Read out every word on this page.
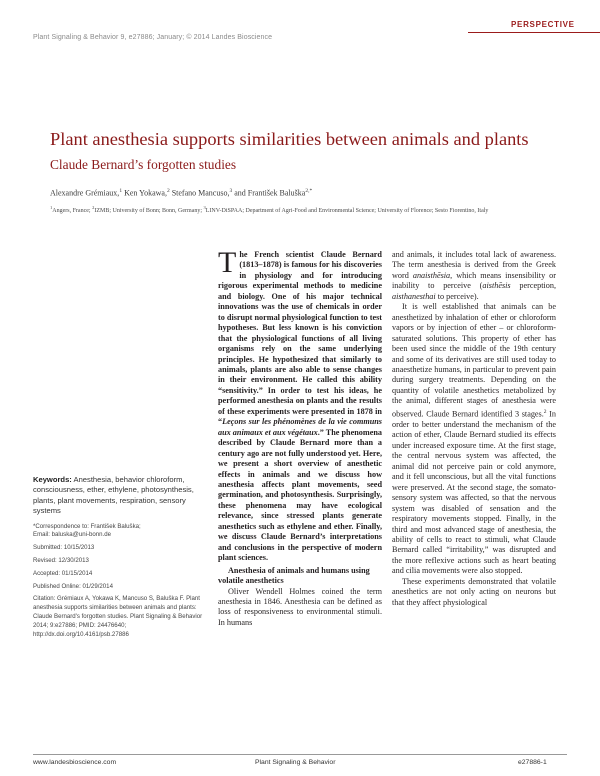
Plant Signaling & Behavior 9, e27886; January; © 2014 Landes Bioscience
PERSPECTIVE
Plant anesthesia supports similarities between animals and plants
Claude Bernard’s forgotten studies
Alexandre Grémiaux,$^1$ Ken Yokawa,$^2$ Stefano Mancuso,$^3$ and František Baluška$^{2,*}$
$^1$Angers, France; $^2$IZMB; University of Bonn; Bonn, Germany; $^3$LINV-DiSPAA; Department of Agri-Food and Environmental Science; University of Florence; Sesto Fiorentino, Italy

Keywords: Anesthesia, behavior chloroform, consciousness, ether, ethylene, photosynthesis, plants, plant movements, respiration, sensory systems

*Correspondence to: František Baluška;

Email: baluska@uni-bonn.de

Submitted: 10/15/2013

Revised: 12/30/2013

Accepted: 01/15/2014

Published Online: 01/29/2014

Citation: Grémiaux A, Yokawa K, Mancuso S, Baluška F. Plant anesthesia supports similarities between animals and plants: Claude Bernard's forgotten studies. Plant Signaling & Behavior 2014; 9:e27886; PMID: 24476640; http://dx.doi.org/10.4161/psb.27886

The French scientist Claude Bernard (1813–1878) is famous for his discoveries in physiology and for introducing rigorous experimental methods to medicine and biology. One of his major technical innovations was the use of chemicals in order to disrupt normal physiological function to test hypotheses. But less known is his conviction that the physiological functions of all living organisms rely on the same underlying principles. He hypothesized that similarly to animals, plants are also able to sense changes in their environment. He called this ability “sensitivity.” In order to test his ideas, he performed anesthesia on plants and the results of these experiments were presented in 1878 in “Leçons sur les phénomènes de la vie communs aux animaux et aux végétaux.” The phenomena described by Claude Bernard more than a century ago are not fully understood yet. Here, we present a short overview of anesthetic effects in animals and we discuss how anesthesia affects plant movements, seed germination, and photosynthesis. Surprisingly, these phenomena may have ecological relevance, since stressed plants generate anesthetics such as ethylene and ether. Finally, we discuss Claude Bernard’s interpretations and conclusions in the perspective of modern plant sciences.

Anesthesia of animals and humans using volatile anesthetics

Oliver Wendell Holmes coined the term anesthesia in 1846. Anesthesia can be defined as loss of responsiveness to environmental stimuli. In humans

and animals, it includes total lack of awareness. The term anesthesia is derived from the Greek word anaisthēsia, which means insensibility or inability to perceive (aisthēsis perception, aisthanesthai to perceive).

It is well established that animals can be anesthetized by inhalation of ether or chloroform vapors or by injection of ether – or chloroform-saturated solutions. This property of ether has been used since the middle of the 19th century and some of its derivatives are still used today to anaesthetize humans, in particular to prevent pain during surgery treatments. Depending on the quantity of volatile anesthetics metabolized by the animal, different stages of anesthesia were observed. Claude Bernard identified 3 stages.$^2$ In order to better understand the mechanism of the action of ether, Claude Bernard studied its effects under increased exposure time. At the first stage, the central nervous system was affected, the animal did not perceive pain or cold anymore, and it fell unconscious, but all the vital functions were preserved. At the second stage, the somato-sensory system was affected, so that the nervous system was disabled of sensation and the respiratory movements stopped. Finally, in the third and most advanced stage of anesthesia, the ability of cells to react to stimuli, what Claude Bernard called “irritability,” was disrupted and the more reflexive actions such as heart beating and cilia movements were also stopped.

These experiments demonstrated that volatile anesthetics are not only acting on neurons but that they affect physiological

www.landesbioscience.com	Plant Signaling & Behavior	e27886-1
